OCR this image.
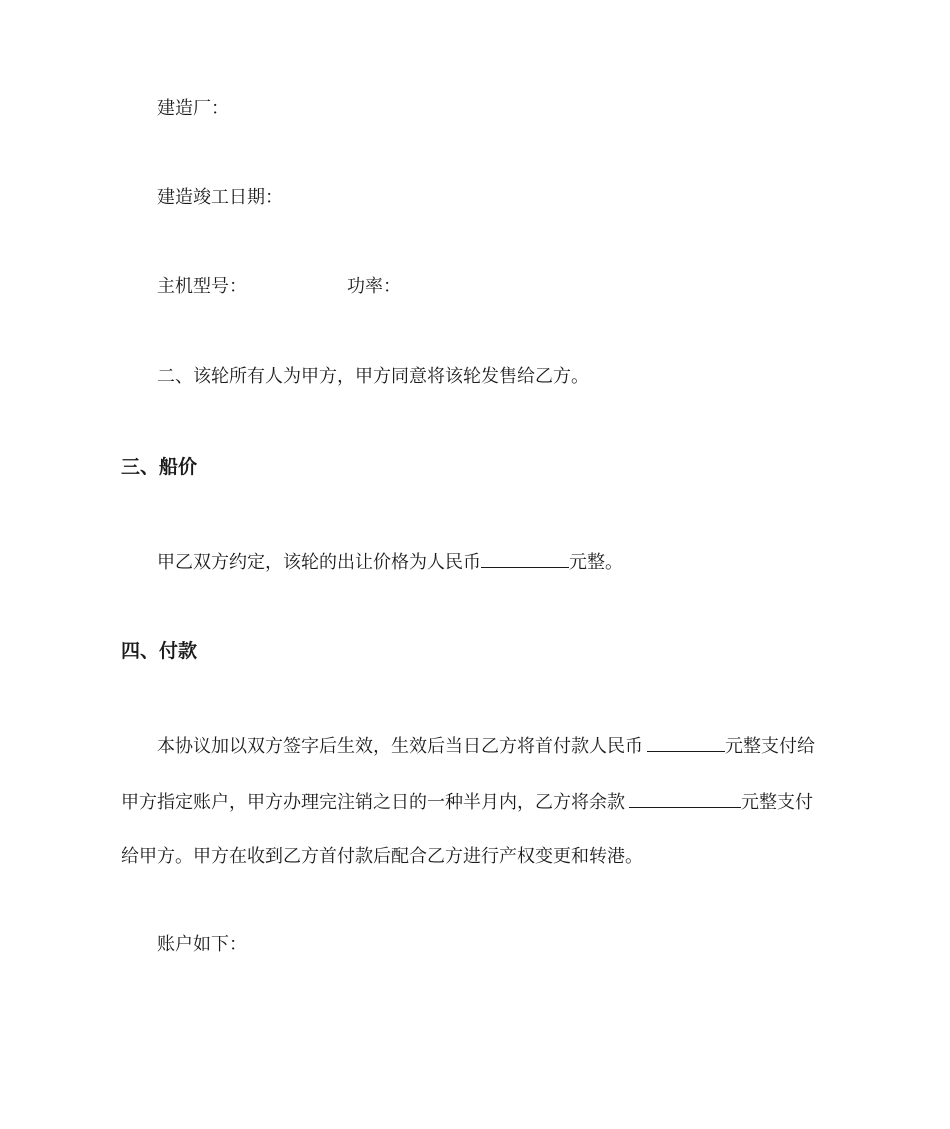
建造厂：
建造竣工日期：
主机型号：	功率：
二、该轮所有人为甲方，甲方同意将该轮发售给乙方。
三、船价
甲乙双方约定，该轮的出让价格为人民币	元整。
四、付款
本协议加以双方签字后生效，生效后当日乙方将首付款人民币	元整支付给
甲方指定账户，甲方办理完注销之日的一种半月内，乙方将余款	元整支付
给甲方。甲方在收到乙方首付款后配合乙方进行产权变更和转港。
账户如下：
